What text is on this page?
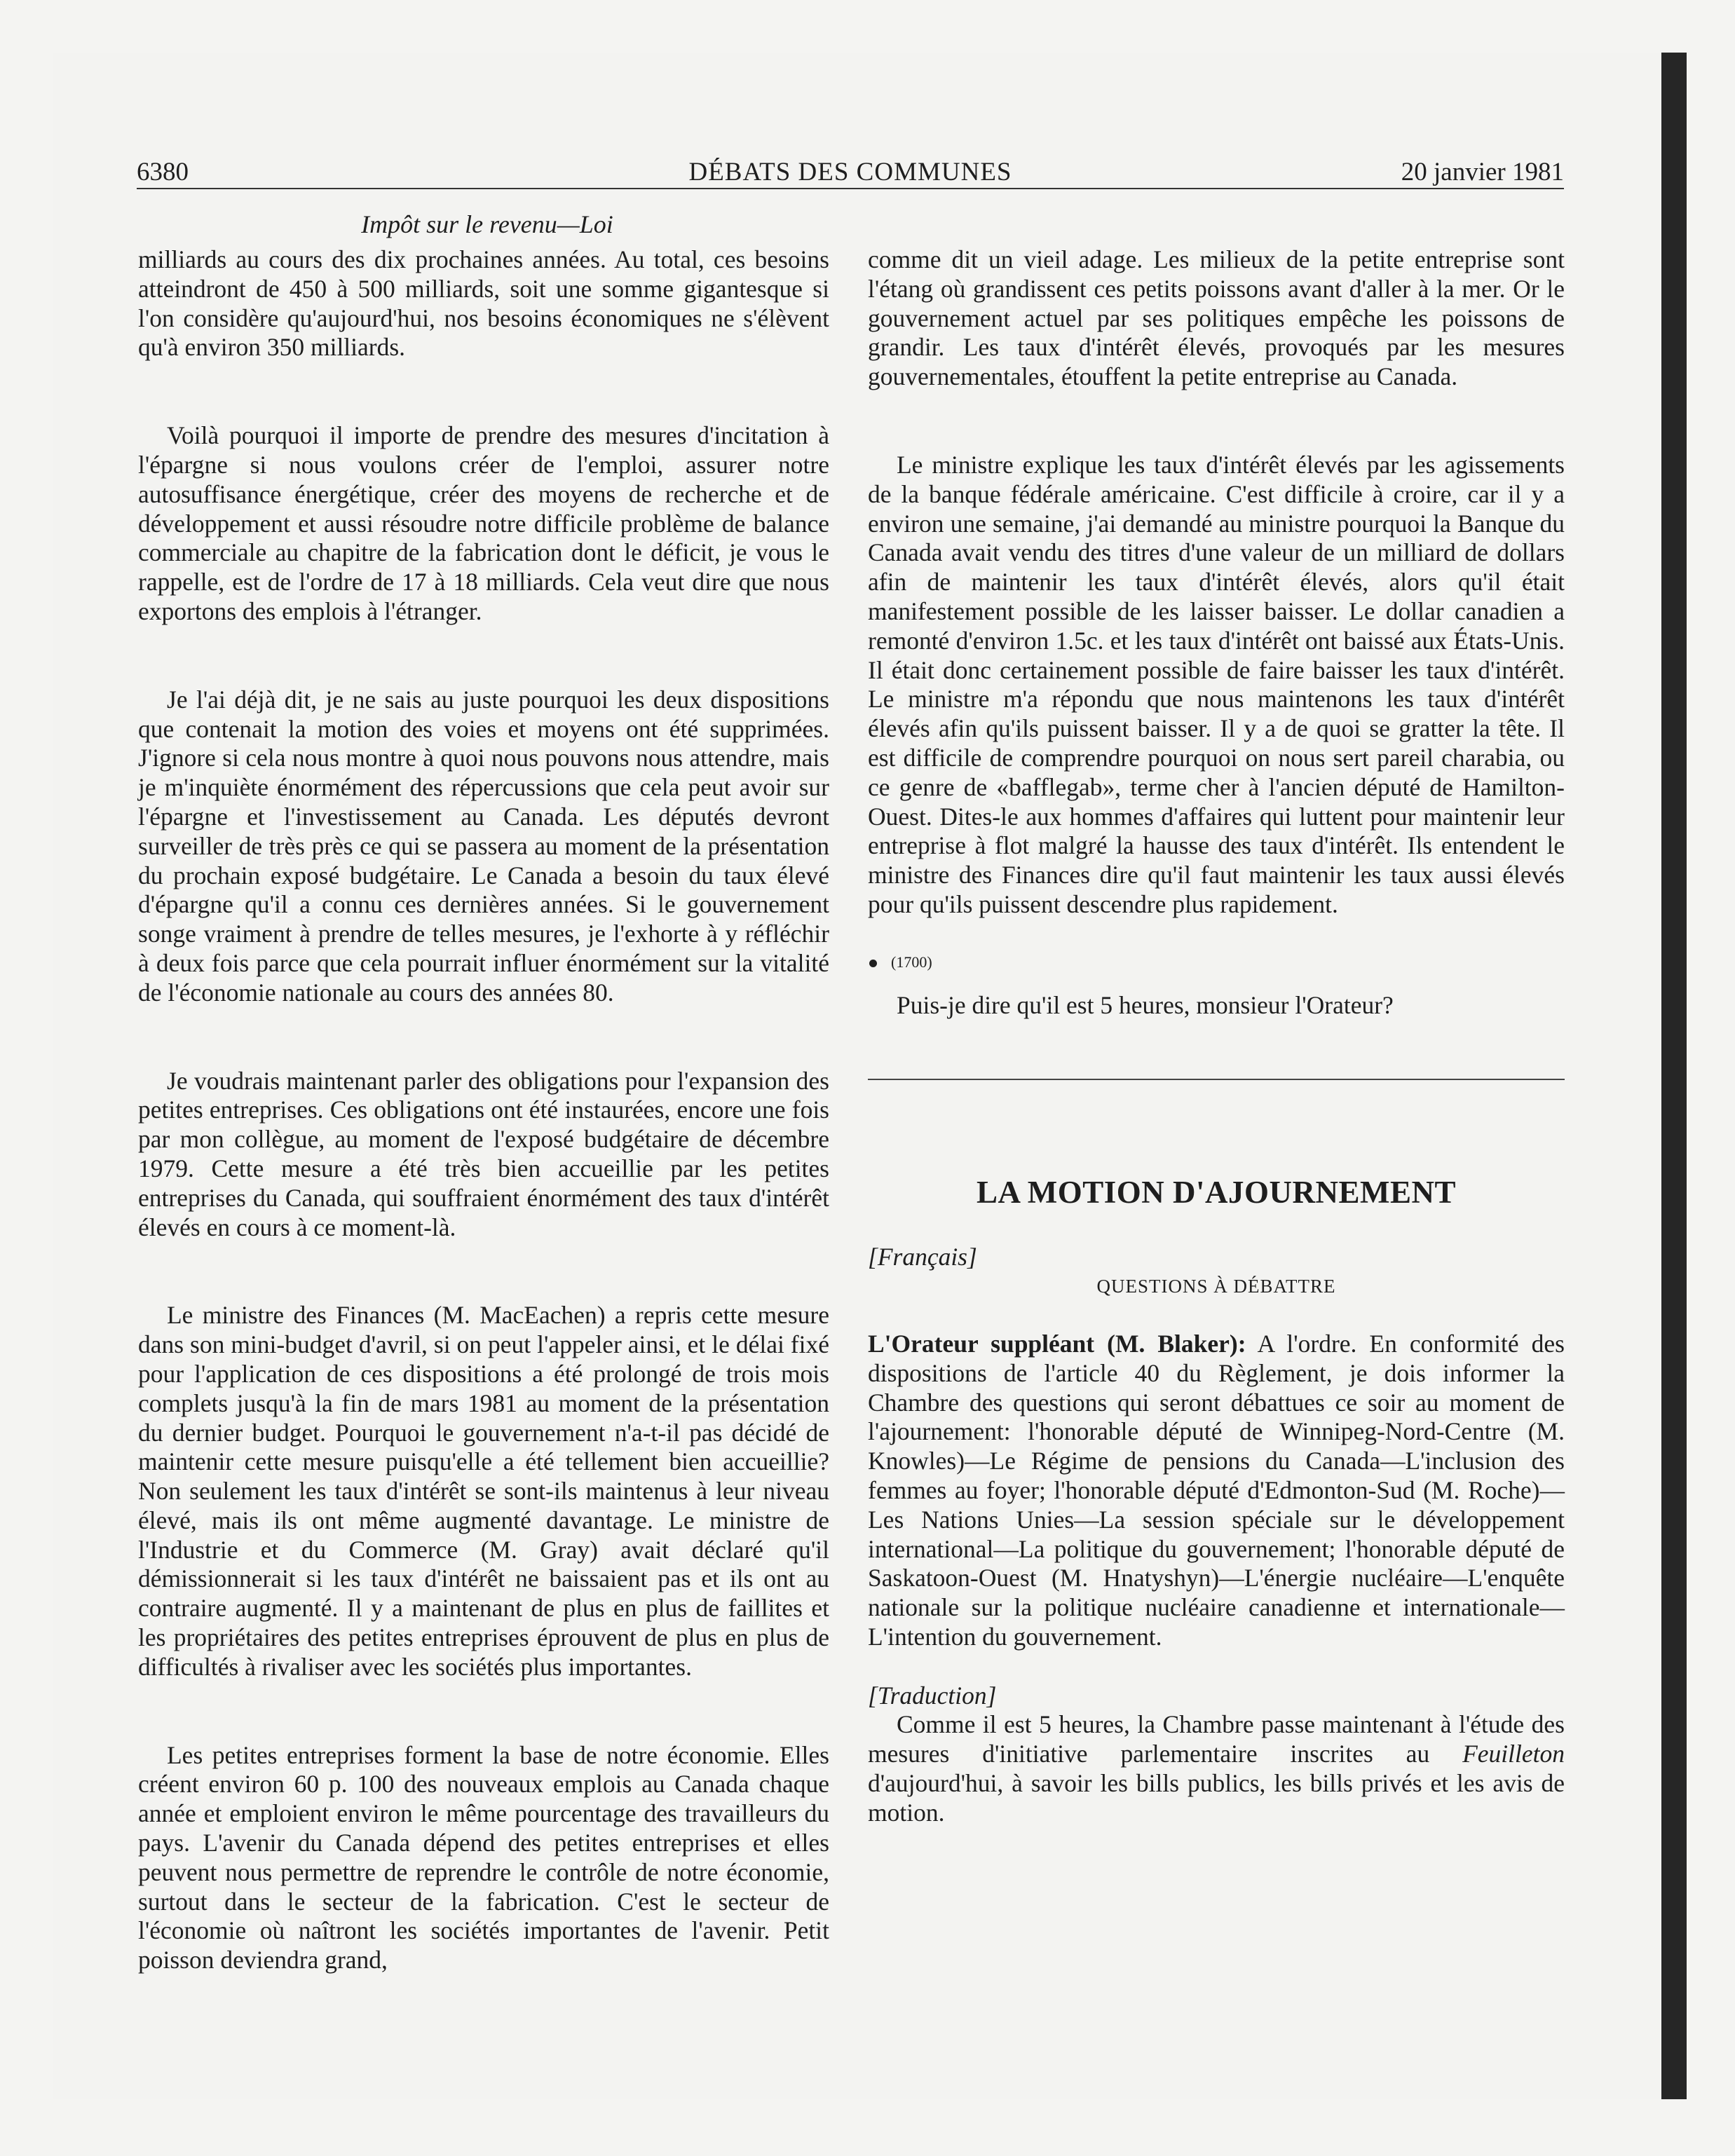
6380	DÉBATS DES COMMUNES	20 janvier 1981
Impôt sur le revenu—Loi

milliards au cours des dix prochaines années. Au total, ces besoins atteindront de 450 à 500 milliards, soit une somme gigantesque si l'on considère qu'aujourd'hui, nos besoins économiques ne s'élèvent qu'à environ 350 milliards.

Voilà pourquoi il importe de prendre des mesures d'incitation à l'épargne si nous voulons créer de l'emploi, assurer notre autosuffisance énergétique, créer des moyens de recherche et de développement et aussi résoudre notre difficile problème de balance commerciale au chapitre de la fabrication dont le déficit, je vous le rappelle, est de l'ordre de 17 à 18 milliards. Cela veut dire que nous exportons des emplois à l'étranger.

Je l'ai déjà dit, je ne sais au juste pourquoi les deux dispositions que contenait la motion des voies et moyens ont été supprimées. J'ignore si cela nous montre à quoi nous pouvons nous attendre, mais je m'inquiète énormément des répercussions que cela peut avoir sur l'épargne et l'investissement au Canada. Les députés devront surveiller de très près ce qui se passera au moment de la présentation du prochain exposé budgétaire. Le Canada a besoin du taux élevé d'épargne qu'il a connu ces dernières années. Si le gouvernement songe vraiment à prendre de telles mesures, je l'exhorte à y réfléchir à deux fois parce que cela pourrait influer énormément sur la vitalité de l'économie nationale au cours des années 80.

Je voudrais maintenant parler des obligations pour l'expansion des petites entreprises. Ces obligations ont été instaurées, encore une fois par mon collègue, au moment de l'exposé budgétaire de décembre 1979. Cette mesure a été très bien accueillie par les petites entreprises du Canada, qui souffraient énormément des taux d'intérêt élevés en cours à ce moment-là.

Le ministre des Finances (M. MacEachen) a repris cette mesure dans son mini-budget d'avril, si on peut l'appeler ainsi, et le délai fixé pour l'application de ces dispositions a été prolongé de trois mois complets jusqu'à la fin de mars 1981 au moment de la présentation du dernier budget. Pourquoi le gouvernement n'a-t-il pas décidé de maintenir cette mesure puisqu'elle a été tellement bien accueillie? Non seulement les taux d'intérêt se sont-ils maintenus à leur niveau élevé, mais ils ont même augmenté davantage. Le ministre de l'Industrie et du Commerce (M. Gray) avait déclaré qu'il démissionnerait si les taux d'intérêt ne baissaient pas et ils ont au contraire augmenté. Il y a maintenant de plus en plus de faillites et les propriétaires des petites entreprises éprouvent de plus en plus de difficultés à rivaliser avec les sociétés plus importantes.

Les petites entreprises forment la base de notre économie. Elles créent environ 60 p. 100 des nouveaux emplois au Canada chaque année et emploient environ le même pourcentage des travailleurs du pays. L'avenir du Canada dépend des petites entreprises et elles peuvent nous permettre de reprendre le contrôle de notre économie, surtout dans le secteur de la fabrication. C'est le secteur de l'économie où naîtront les sociétés importantes de l'avenir. Petit poisson deviendra grand,

comme dit un vieil adage. Les milieux de la petite entreprise sont l'étang où grandissent ces petits poissons avant d'aller à la mer. Or le gouvernement actuel par ses politiques empêche les poissons de grandir. Les taux d'intérêt élevés, provoqués par les mesures gouvernementales, étouffent la petite entreprise au Canada.

Le ministre explique les taux d'intérêt élevés par les agissements de la banque fédérale américaine. C'est difficile à croire, car il y a environ une semaine, j'ai demandé au ministre pourquoi la Banque du Canada avait vendu des titres d'une valeur de un milliard de dollars afin de maintenir les taux d'intérêt élevés, alors qu'il était manifestement possible de les laisser baisser. Le dollar canadien a remonté d'environ 1.5c. et les taux d'intérêt ont baissé aux États-Unis. Il était donc certainement possible de faire baisser les taux d'intérêt. Le ministre m'a répondu que nous maintenons les taux d'intérêt élevés afin qu'ils puissent baisser. Il y a de quoi se gratter la tête. Il est difficile de comprendre pourquoi on nous sert pareil charabia, ou ce genre de «bafflegab», terme cher à l'ancien député de Hamilton-Ouest. Dites-le aux hommes d'affaires qui luttent pour maintenir leur entreprise à flot malgré la hausse des taux d'intérêt. Ils entendent le ministre des Finances dire qu'il faut maintenir les taux aussi élevés pour qu'ils puissent descendre plus rapidement.

(1700)

Puis-je dire qu'il est 5 heures, monsieur l'Orateur?

LA MOTION D'AJOURNEMENT

[Français]

QUESTIONS À DÉBATTRE

L'Orateur suppléant (M. Blaker): A l'ordre. En conformité des dispositions de l'article 40 du Règlement, je dois informer la Chambre des questions qui seront débattues ce soir au moment de l'ajournement: l'honorable député de Winnipeg-Nord-Centre (M. Knowles)—Le Régime de pensions du Canada—L'inclusion des femmes au foyer; l'honorable député d'Edmonton-Sud (M. Roche)—Les Nations Unies—La session spéciale sur le développement international—La politique du gouvernement; l'honorable député de Saskatoon-Ouest (M. Hnatyshyn)—L'énergie nucléaire—L'enquête nationale sur la politique nucléaire canadienne et internationale—L'intention du gouvernement.

[Traduction]

Comme il est 5 heures, la Chambre passe maintenant à l'étude des mesures d'initiative parlementaire inscrites au Feuilleton d'aujourd'hui, à savoir les bills publics, les bills privés et les avis de motion.
